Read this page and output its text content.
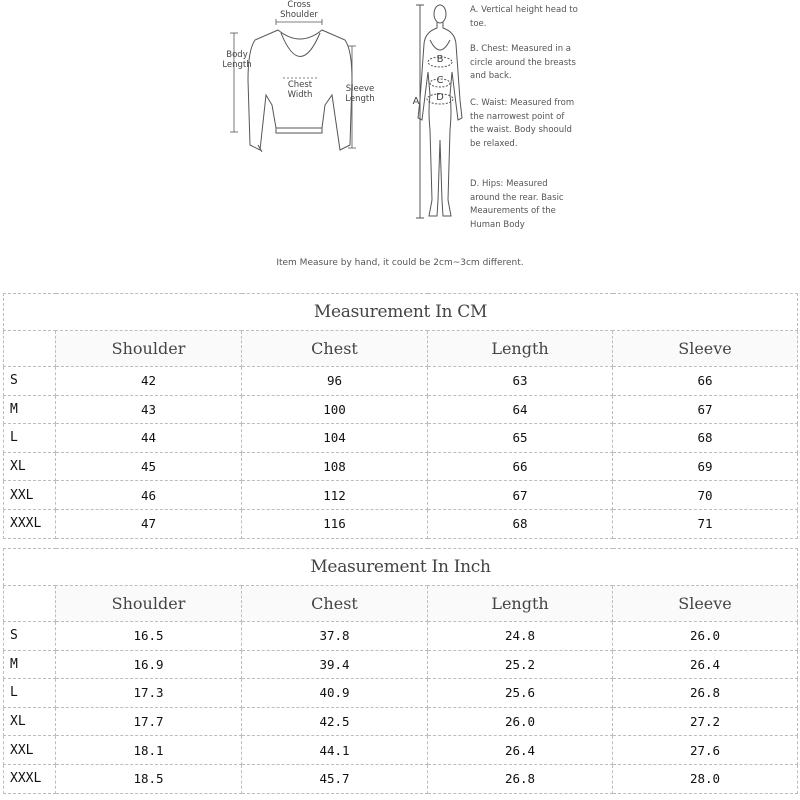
Cross
Shoulder
Body
Length
Chest
Width
Sleeve
Length	A
B
C
D
A. Vertical height head to toe.
B. Chest: Measured in a circle around the breasts and back.
C. Waist: Measured from the narrowest point of the waist. Body shoould be relaxed.
D. Hips: Measured around the rear. Basic Meaurements of the Human Body
Item Measure by hand, it could be 2cm~3cm different.
Measurement In CM				
	Shoulder	Chest	Length	Sleeve
S	42	96	63	66
M	43	100	64	67
L	44	104	65	68
XL	45	108	66	69
XXL	46	112	67	70
XXXL	47	116	68	71
Measurement In Inch				
	Shoulder	Chest	Length	Sleeve
S	16.5	37.8	24.8	26.0
M	16.9	39.4	25.2	26.4
L	17.3	40.9	25.6	26.8
XL	17.7	42.5	26.0	27.2
XXL	18.1	44.1	26.4	27.6
XXXL	18.5	45.7	26.8	28.0
